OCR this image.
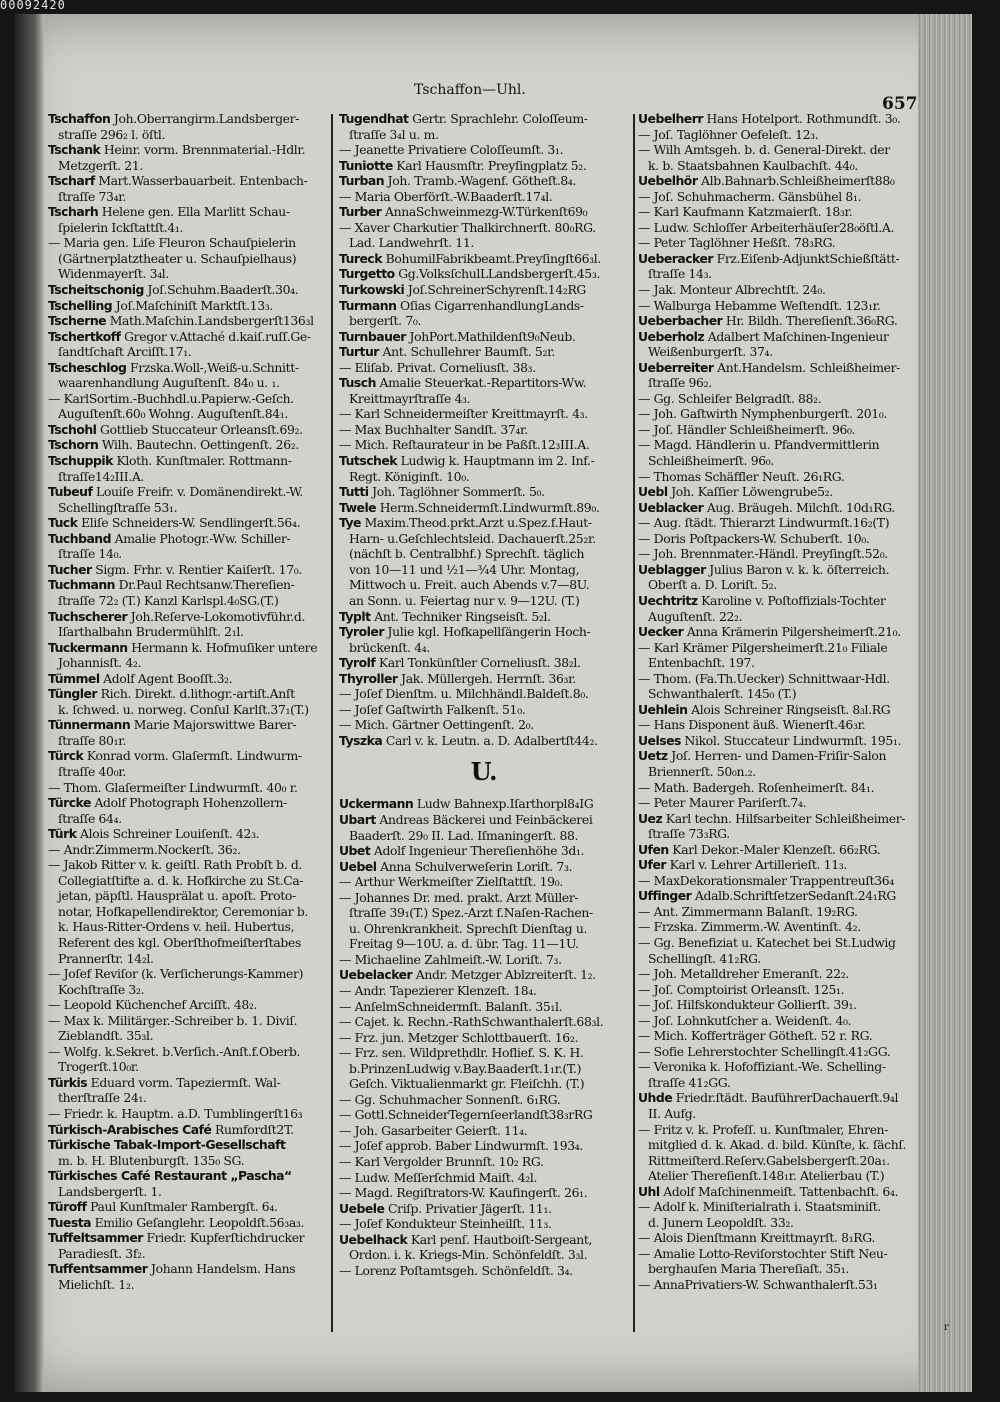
Tschaffon—Uhl.
657
Tschaffon Joh.Oberrangirm.Landsberger-
straſſe 296₂ l. öſtl.
Tschank Heinr. vorm. Brennmaterial.-Hdlr.
Metzgerſt. 21.
Tscharf Mart.Wasserbauarbeit. Entenbach-
ſtraſſe 73₄r.
Tscharh Helene gen. Ella Marlitt Schau-
ſpielerin Ickſtattſt.4₁.
— Maria gen. Liſe Fleuron Schauſpielerin
(Gärtnerplatztheater u. Schauſpielhaus)
Widenmayerſt. 3₄l.
Tscheitschonig Joſ.Schuhm.Baaderſt.30₄.
Tschelling Joſ.Maſchiniſt Marktſt.13₃.
Tscherne Math.Maſchin.Landsbergerſt136₃l
Tschertkoff Gregor v.Attaché d.kaiſ.ruſſ.Ge-
ſandtſchaft Arciſſt.17₁.
Tscheschlog Frzska.Woll-,Weiß-u.Schnitt-
waarenhandlung Auguſtenſt. 84₀ u. ₁.
— KarlSortim.-Buchhdl.u.Papierw.-Geſch.
Auguſtenſt.60₀ Wohng. Auguſtenſt.84₁.
Tschohl Gottlieb Stuccateur Orleansſt.69₂.
Tschorn Wilh. Bautechn. Oettingenſt. 26₂.
Tschuppik Kloth. Kunſtmaler. Rottmann-
ſtraſſe14₂III.A.
Tubeuf Louiſe Freifr. v. Domänendirekt.-W.
Schellingſtraſſe 53₁.
Tuck Eliſe Schneiders-W. Sendlingerſt.56₄.
Tuchband Amalie Photogr.-Ww. Schiller-
ſtraſſe 14₀.
Tucher Sigm. Frhr. v. Rentier Kaiſerſt. 17₀.
Tuchmann Dr.Paul Rechtsanw.Thereſien-
ſtraſſe 72₂ (T.) Kanzl Karlspl.4₀SG.(T.)
Tuchscherer Joh.Reſerve-Lokomotivführ.d.
Iſarthalbahn Brudermühlſt. 2₁l.
Tuckermann Hermann k. Hofmuſiker untere
Johannisſt. 4₂.
Tümmel Adolf Agent Booſſt.3₂.
Tüngler Rich. Direkt. d.lithogr.-artiſt.Anſt
k. ſchwed. u. norweg. Conſul Karlſt.37₁(T.)
Tünnermann Marie Majorswittwe Barer-
ſtraſſe 80₁r.
Türck Konrad vorm. Glaſermſt. Lindwurm-
ſtraſſe 40₀r.
— Thom. Glaſermeiſter Lindwurmſt. 40₀ r.
Türcke Adolf Photograph Hohenzollern-
ſtraſſe 64₄.
Türk Alois Schreiner Louiſenſt. 42₃.
— Andr.Zimmerm.Nockerſt. 36₂.
— Jakob Ritter v. k. geiſtl. Rath Probſt b. d.
Collegiatſtifte a. d. k. Hofkirche zu St.Ca-
jetan, päpſtl. Hausprälat u. apoſt. Proto-
notar, Hofkapellendirektor, Ceremoniar b.
k. Haus-Ritter-Ordens v. heil. Hubertus,
Referent des kgl. Oberſthofmeiſterſtabes
Prannerſtr. 14₂l.
— Joſef Reviſor (k. Verſicherungs-Kammer)
Kochſtraſſe 3₂.
— Leopold Küchenchef Arciſſt. 48₂.
— Max k. Militärger.-Schreiber b. 1. Diviſ.
Zieblandſt. 35₃l.
— Wolfg. k.Sekret. b.Verſich.-Anſt.f.Oberb.
Trogerſt.10₀r.
Türkis Eduard vorm. Tapeziermſt. Wal-
therſtraſſe 24₁.
— Friedr. k. Hauptm. a.D. Tumblingerſt16₃
Türkisch-Arabisches Café Rumfordſt2T.
Türkische Tabak-Import-Gesellschaft
m. b. H. Blutenburgſt. 135₀ SG.
Türkisches Café Restaurant „Pascha“
Landsbergerſt. 1.
Türoff Paul Kunſtmaler Rambergſt. 6₄.
Tuesta Emilio Geſanglehr. Leopoldſt.56₃a₃.
Tuffeltsammer Friedr. Kupferſtichdrucker
Paradiesſt. 3f₂.
Tuffentsammer Johann Handelsm. Hans
Mielichſt. 1₂.
Tugendhat Gertr. Sprachlehr. Coloſſeum-
ſtraſſe 3₄l u. m.
— Jeanette Privatiere Coloſſeumſt. 3₁.
Tuniotte Karl Hausmſtr. Preyſingplatz 5₂.
Turban Joh. Tramb.-Wagenf. Götheſt.8₄.
— Maria Oberförſt.-W.Baaderſt.17₄l.
Turber AnnaSchweinmezg-W.Türkenſt69₀
— Xaver Charkutier Thalkirchnerſt. 80₀RG.
Lad. Landwehrſt. 11.
Tureck BohumilFabrikbeamt.Preyſingſt66₃l.
Turgetto Gg.VolksſchulLLandsbergerſt.45₃.
Turkowski Joſ.SchreinerSchyrenſt.14₂RG
Turmann Oſias CigarrenhandlungLands-
bergerſt. 7₀.
Turnbauer JohPort.Mathildenſt9₀Neub.
Turtur Ant. Schullehrer Baumſt. 5₂r.
— Eliſab. Privat. Corneliusſt. 38₃.
Tusch Amalie Steuerkat.-Repartitors-Ww.
Kreittmayrſtraſſe 4₃.
— Karl Schneidermeiſter Kreittmayrſt. 4₃.
— Max Buchhalter Sandſt. 37₄r.
— Mich. Reſtaurateur in be Paßſt.12₃III.A.
Tutschek Ludwig k. Hauptmann im 2. Inf.-
Regt. Königinſt. 10₀.
Tutti Joh. Taglöhner Sommerſt. 5₀.
Twele Herm.Schneidermſt.Lindwurmſt.89₀.
Tye Maxim.Theod.prkt.Arzt u.Spez.f.Haut-
Harn- u.Geſchlechtsleid. Dachauerſt.25₂r.
(nächſt b. Centralbhf.) Sprechſt. täglich
von 10—11 und ½1—¾4 Uhr. Montag,
Mittwoch u. Freit. auch Abends v.7—8U.
an Sonn. u. Feiertag nur v. 9—12U. (T.)
Typlt Ant. Techniker Ringseisſt. 5₂l.
Tyroler Julie kgl. Hofkapellſängerin Hoch-
brückenſt. 4₄.
Tyrolf Karl Tonkünſtler Corneliusſt. 38₂l.
Thyroller Jak. Müllergeh. Herrnſt. 36₃r.
— Joſef Dienſtm. u. Milchhändl.Baldeſt.8₀.
— Joſef Gaſtwirth Falkenſt. 51₀.
— Mich. Gärtner Oettingenſt. 2₀.
Tyszka Carl v. k. Leutn. a. D. Adalbertſt44₂.
U.
Uckermann Ludw Bahnexp.Iſarthorpl8₄IG
Ubart Andreas Bäckerei und Feinbäckerei
Baaderſt. 29₀ II. Lad. Iſmaningerſt. 88.
Ubet Adolf Ingenieur Thereſienhöhe 3d₁.
Uebel Anna Schulverweſerin Loriſt. 7₃.
— Arthur Werkmeiſter Zielſtattſt. 19₀.
— Johannes Dr. med. prakt. Arzt Müller-
ſtraſſe 39₁(T.) Spez.-Arzt f.Naſen-Rachen-
u. Ohrenkrankheit. Sprechſt Dienſtag u.
Freitag 9—10U. a. d. übr. Tag. 11—1U.
— Michaeline Zahlmeiſt.-W. Loriſt. 7₃.
Uebelacker Andr. Metzger Ablzreiterſt. 1₂.
— Andr. Tapezierer Klenzeſt. 18₄.
— AnſelmSchneidermſt. Balanſt. 35₁l.
— Cajet. k. Rechn.-RathSchwanthalerſt.68₃l.
— Frz. jun. Metzger Schlottbauerſt. 16₂.
— Frz. sen. Wildpretḥdlr. Hoflief. S. K. H.
b.PrinzenLudwig v.Bay.Baaderſt.1₁r.(T.)
Geſch. Viktualienmarkt gr. Fleiſchh. (T.)
— Gg. Schuhmacher Sonnenſt. 6₁RG.
— Gottl.SchneiderTegernſeerlandſt38₃rRG
— Joh. Gasarbeiter Geierſt. 11₄.
— Joſef approb. Baber Lindwurmſt. 193₄.
— Karl Vergolder Brunnſt. 10₂ RG.
— Ludw. Meſſerſchmid Maiſt. 4₂l.
— Magd. Regiſtrators-W. Kaufingerſt. 26₁.
Uebele Criſp. Privatier Jägerſt. 11₁.
— Joſef Kondukteur Steinheilſt. 11₃.
Uebelhack Karl penſ. Hautboiſt-Sergeant,
Ordon. i. k. Kriegs-Min. Schönfeldſt. 3₃l.
— Lorenz Poſtamtsgeh. Schönfeldſt. 3₄.
Uebelherr Hans Hotelport. Rothmundſt. 3₀.
— Joſ. Taglöhner Oefeleſt. 12₃.
— Wilh Amtsgeh. b. d. General-Direkt. der
k. b. Staatsbahnen Kaulbachſt. 44₀.
Uebelhör Alb.Bahnarb.Schleißheimerſt88₀
— Joſ. Schuhmacherm. Gänsbühel 8₁.
— Karl Kaufmann Katzmaierſt. 18₃r.
— Ludw. Schloſſer Arbeiterhäuſer28₀öſtl.A.
— Peter Taglöhner Heßſt. 78₃RG.
Ueberacker Frz.Eiſenb-AdjunktSchießſtätt-
ſtraſſe 14₃.
— Jak. Monteur Albrechtſt. 24₀.
— Walburga Hebamme Weſtendſt. 123₁r.
Ueberbacher Hr. Bildh. Thereſienſt.36₀RG.
Ueberholz Adalbert Maſchinen-Ingenieur
Weißenburgerſt. 37₄.
Ueberreiter Ant.Handelsm. Schleißheimer-
ſtraſſe 96₂.
— Gg. Schleifer Belgradſt. 88₂.
— Joh. Gaſtwirth Nymphenburgerſt. 201₀.
— Joſ. Händler Schleißheimerſt. 96₀.
— Magd. Händlerin u. Pfandvermittlerin
Schleißheimerſt. 96₀.
— Thomas Schäffler Neuſt. 26₁RG.
Uebl Joh. Kaſſier Löwengrube5₂.
Ueblacker Aug. Bräugeh. Milchſt. 10d₁RG.
— Aug. ſtädt. Thierarzt Lindwurmſt.16₂(T)
— Doris Poſtpackers-W. Schuberſt. 10₀.
— Joh. Brennmater.-Händl. Preyſingſt.52₀.
Ueblagger Julius Baron v. k. k. öſterreich.
Oberſt a. D. Loriſt. 5₂.
Uechtritz Karoline v. Poſtoffizials-Tochter
Auguſtenſt. 22₂.
Uecker Anna Krämerin Pilgersheimerſt.21₀.
— Karl Krämer Pilgersheimerſt.21₀ Filiale
Entenbachſt. 197.
— Thom. (Fa.Th.Uecker) Schnittwaar-Hdl.
Schwanthalerſt. 145₀ (T.)
Uehlein Alois Schreiner Ringseisſt. 8₃l.RG
— Hans Disponent äuß. Wienerſt.46₃r.
Uelses Nikol. Stuccateur Lindwurmſt. 195₁.
Uetz Joſ. Herren- und Damen-Friſir-Salon
Briennerſt. 50₀n.₂.
— Math. Badergeh. Roſenheimerſt. 84₁.
— Peter Maurer Pariſerſt.7₄.
Uez Karl techn. Hilfsarbeiter Schleißheimer-
ſtraſſe 73₃RG.
Ufen Karl Dekor.-Maler Klenzeſt. 66₂RG.
Ufer Karl v. Lehrer Artillerieſt. 11₃.
— MaxDekorationsmaler Trappentreuſt36₄
Uffinger Adalb.SchriftſetzerSedanſt.24₁RG
— Ant. Zimmermann Balanſt. 19₂RG.
— Frzska. Zimmerm.-W. Aventinſt. 4₂.
— Gg. Benefiziat u. Katechet bei St.Ludwig
Schellingſt. 41₂RG.
— Joh. Metalldreher Emeranſt. 22₂.
— Joſ. Comptoirist Orleansſt. 125₁.
— Joſ. Hilfskondukteur Gollierſt. 39₁.
— Joſ. Lohnkutſcher a. Weidenſt. 4₀.
— Mich. Kofferträger Götheſt. 52 r. RG.
— Sofie Lehrerstochter Schellingſt.41₂GG.
— Veronika k. Hofoffiziant.-We. Schelling-
ſtraſſe 41₂GG.
Uhde Friedr.ſtädt. BauführerDachauerſt.9₄l
II. Aufg.
— Fritz v. k. Profeſſ. u. Kunſtmaler, Ehren-
mitglied d. k. Akad. d. bild. Künſte, k. ſächſ.
Rittmeiſterd.Reſerv.Gabelsbergerſt.20a₁.
Atelier Thereſienſt.148₁r. Atelierbau (T.)
Uhl Adolf Maſchinenmeiſt. Tattenbachſt. 6₄.
— Adolf k. Miniſterialrath i. Staatsminiſt.
d. Junern Leopoldſt. 33₂.
— Alois Dienſtmann Kreittmayrſt. 8₁RG.
— Amalie Lotto-Reviſorstochter Stift Neu-
berghauſen Maria Thereſiaſt. 35₁.
— AnnaPrivatiers-W. Schwanthalerſt.53₁
r
00092420
